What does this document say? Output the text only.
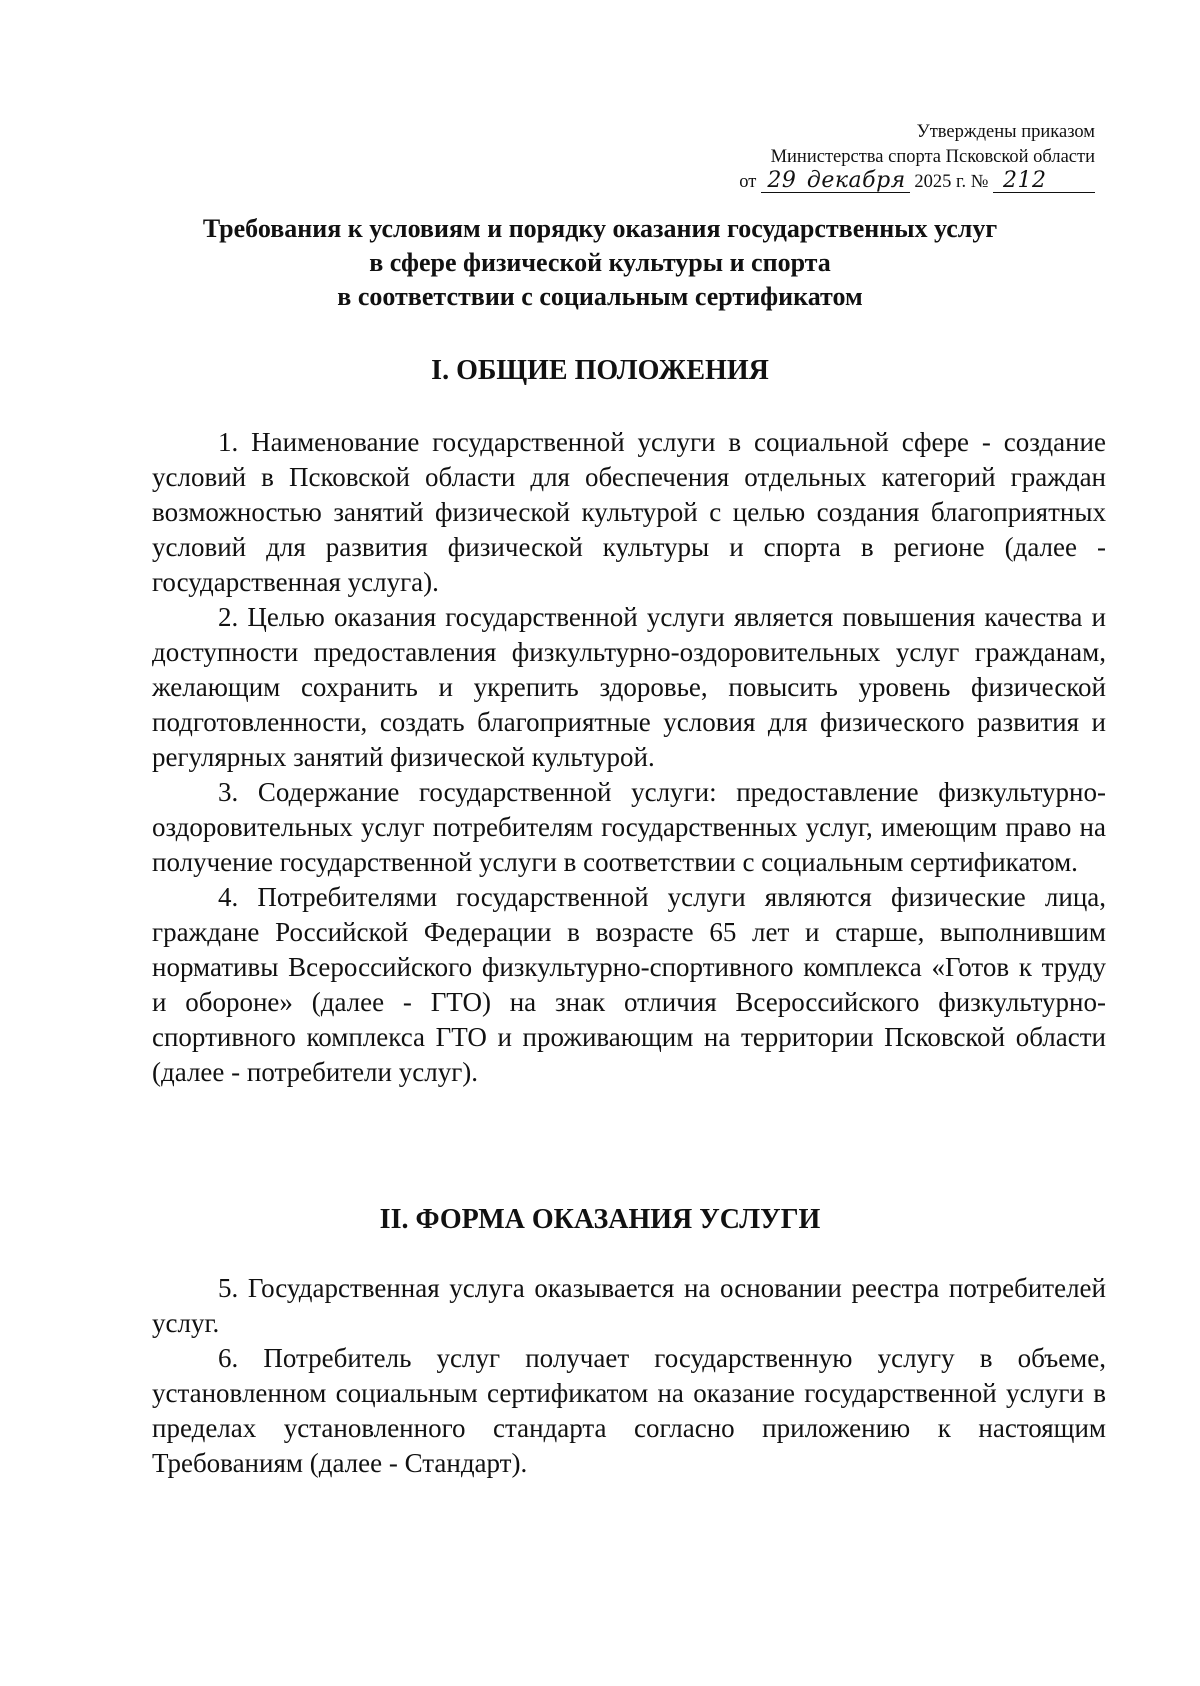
Утверждены приказом
Министерства спорта Псковской области
от 29 декабря 2025 г. № 212
Требования к условиям и порядку оказания государственных услуг
в сфере физической культуры и спорта
в соответствии с социальным сертификатом
I. ОБЩИЕ ПОЛОЖЕНИЯ

1. Наименование государственной услуги в социальной сфере - создание условий в Псковской области для обеспечения отдельных категорий граждан возможностью занятий физической культурой с целью создания благоприятных условий для развития физической культуры и спорта в регионе (далее - государственная услуга).

2. Целью оказания государственной услуги является повышения качества и доступности предоставления физкультурно-оздоровительных услуг гражданам, желающим сохранить и укрепить здоровье, повысить уровень физической подготовленности, создать благоприятные условия для физического развития и регулярных занятий физической культурой.

3. Содержание государственной услуги: предоставление физкультурно-оздоровительных услуг потребителям государственных услуг, имеющим право на получение государственной услуги в соответствии с социальным сертификатом.

4. Потребителями государственной услуги являются физические лица, граждане Российской Федерации в возрасте 65 лет и старше, выполнившим нормативы Всероссийского физкультурно-спортивного комплекса «Готов к труду и обороне» (далее - ГТО) на знак отличия Всероссийского физкультурно-спортивного комплекса ГТО и проживающим на территории Псковской области (далее - потребители услуг).

II. ФОРМА ОКАЗАНИЯ УСЛУГИ

5. Государственная услуга оказывается на основании реестра потребителей услуг.

6. Потребитель услуг получает государственную услугу в объеме, установленном социальным сертификатом на оказание государственной услуги в пределах установленного стандарта согласно приложению к настоящим Требованиям (далее - Стандарт).
